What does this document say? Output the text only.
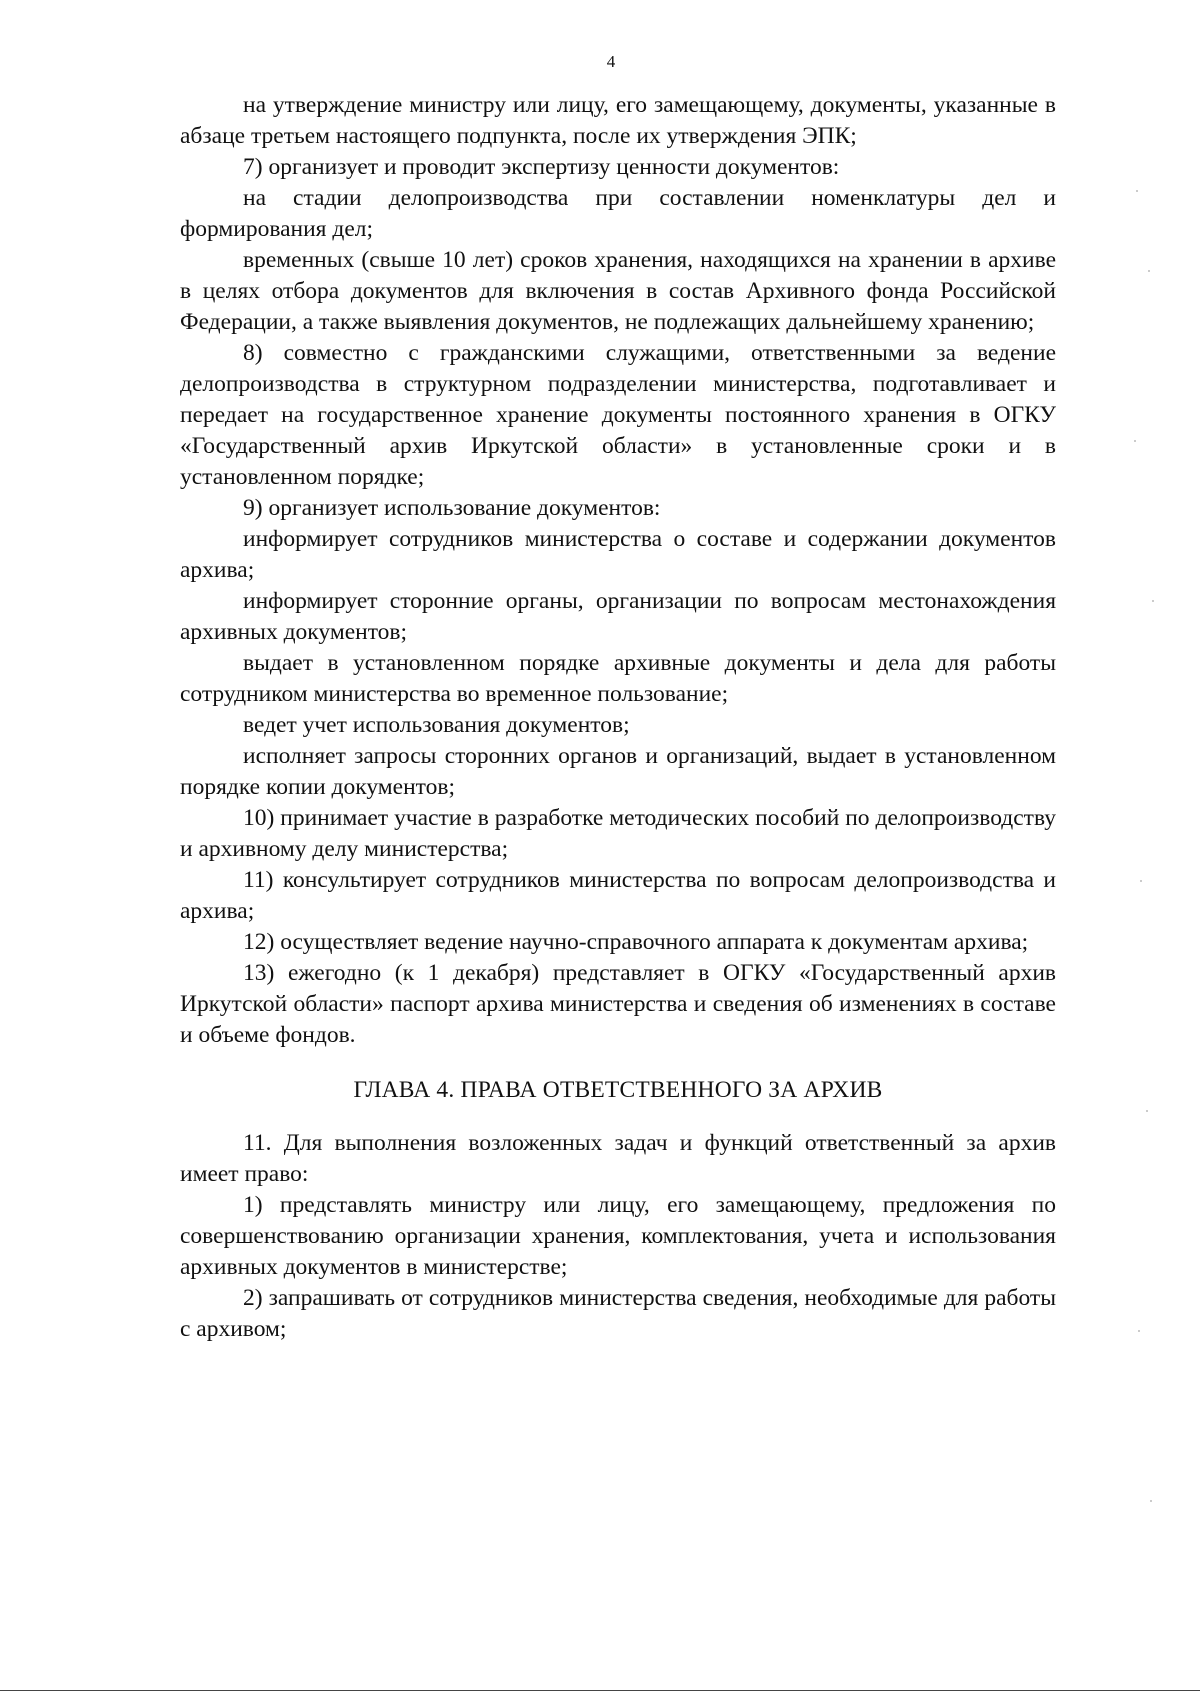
4

на утверждение министру или лицу, его замещающему, документы, указанные в абзаце третьем настоящего подпункта, после их утверждения ЭПК;

7) организует и проводит экспертизу ценности документов:

на стадии делопроизводства при составлении номенклатуры дел и формирования дел;

временных (свыше 10 лет) сроков хранения, находящихся на хранении в архиве в целях отбора документов для включения в состав Архивного фонда Российской Федерации, а также выявления документов, не подлежащих дальнейшему хранению;

8) совместно с гражданскими служащими, ответственными за ведение делопроизводства в структурном подразделении министерства, подготавливает и передает на государственное хранение документы постоянного хранения в ОГКУ «Государственный архив Иркутской области» в установленные сроки и в установленном порядке;

9) организует использование документов:

информирует сотрудников министерства о составе и содержании документов архива;

информирует сторонние органы, организации по вопросам местонахождения архивных документов;

выдает в установленном порядке архивные документы и дела для работы сотрудником министерства во временное пользование;

ведет учет использования документов;

исполняет запросы сторонних органов и организаций, выдает в установленном порядке копии документов;

10) принимает участие в разработке методических пособий по делопроизводству и архивному делу министерства;

11) консультирует сотрудников министерства по вопросам делопроизводства и архива;

12) осуществляет ведение научно-справочного аппарата к документам архива;

13) ежегодно (к 1 декабря) представляет в ОГКУ «Государственный архив Иркутской области» паспорт архива министерства и сведения об изменениях в составе и объеме фондов.

ГЛАВА 4. ПРАВА ОТВЕТСТВЕННОГО ЗА АРХИВ

11. Для выполнения возложенных задач и функций ответственный за архив имеет право:

1) представлять министру или лицу, его замещающему, предложения по совершенствованию организации хранения, комплектования, учета и использования архивных документов в министерстве;

2) запрашивать от сотрудников министерства сведения, необходимые для работы с архивом;
